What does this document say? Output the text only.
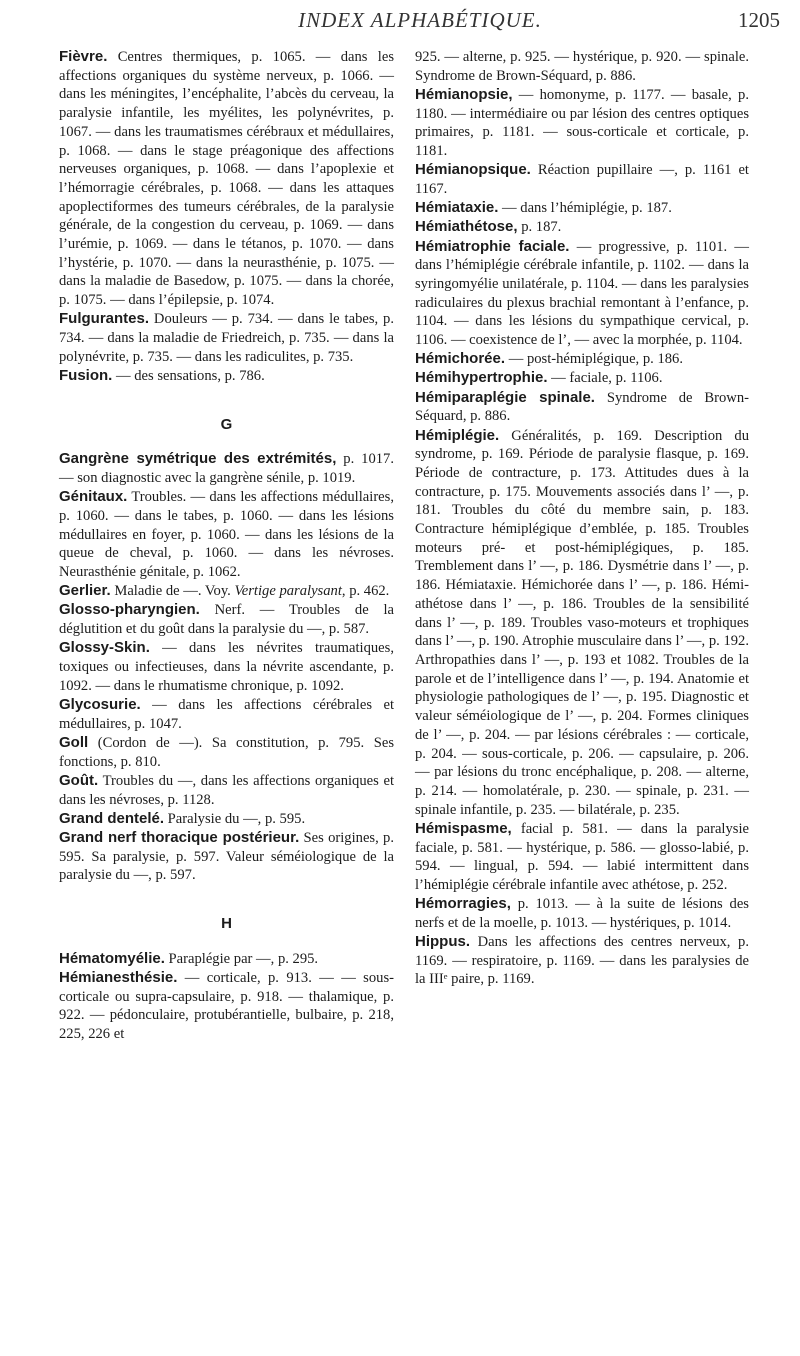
INDEX ALPHABÉTIQUE.	1205

Fièvre. Centres thermiques, p. 1065. — dans les affections organiques du système nerveux, p. 1066. — dans les méningites, l’encéphalite, l’abcès du cerveau, la paralysie infantile, les myélites, les polynévrites, p. 1067. — dans les traumatismes cérébraux et médullaires, p. 1068. — dans le stage préagonique des affections nerveuses organiques, p. 1068. — dans l’apoplexie et l’hémorragie cérébrales, p. 1068. — dans les attaques apoplectiformes des tumeurs cérébrales, de la paralysie générale, de la congestion du cerveau, p. 1069. — dans l’urémie, p. 1069. — dans le tétanos, p. 1070. — dans l’hystérie, p. 1070. — dans la neurasthénie, p. 1075. — dans la maladie de Basedow, p. 1075. — dans la chorée, p. 1075. — dans l’épilepsie, p. 1074.

Fulgurantes. Douleurs — p. 734. — dans le tabes, p. 734. — dans la maladie de Friedreich, p. 735. — dans la polynévrite, p. 735. — dans les radiculites, p. 735.

Fusion. — des sensations, p. 786.

G

Gangrène symétrique des extrémités, p. 1017. — son diagnostic avec la gangrène sénile, p. 1019.

Génitaux. Troubles. — dans les affections médullaires, p. 1060. — dans le tabes, p. 1060. — dans les lésions médullaires en foyer, p. 1060. — dans les lésions de la queue de cheval, p. 1060. — dans les névroses. Neurasthénie génitale, p. 1062.

Gerlier. Maladie de —. Voy. Vertige paralysant, p. 462.

Glosso-pharyngien. Nerf. — Troubles de la déglutition et du goût dans la paralysie du —, p. 587.

Glossy-Skin. — dans les névrites traumatiques, toxiques ou infectieuses, dans la névrite ascendante, p. 1092. — dans le rhumatisme chronique, p. 1092.

Glycosurie. — dans les affections cérébrales et médullaires, p. 1047.

Goll (Cordon de —). Sa constitution, p. 795. Ses fonctions, p. 810.

Goût. Troubles du —, dans les affections organiques et dans les névroses, p. 1128.

Grand dentelé. Paralysie du —, p. 595.

Grand nerf thoracique postérieur. Ses origines, p. 595. Sa paralysie, p. 597. Valeur séméiologique de la paralysie du —, p. 597.

H

Hématomyélie. Paraplégie par —, p. 295.

Hémianesthésie. — corticale, p. 913. — — sous-corticale ou supra-capsulaire, p. 918. — thalamique, p. 922. — pédonculaire, protubérantielle, bulbaire, p. 218, 225, 226 et

925. — alterne, p. 925. — hystérique, p. 920. — spinale. Syndrome de Brown-Séquard, p. 886.

Hémianopsie, — homonyme, p. 1177. — basale, p. 1180. — intermédiaire ou par lésion des centres optiques primaires, p. 1181. — sous-corticale et corticale, p. 1181.

Hémianopsique. Réaction pupillaire —, p. 1161 et 1167.

Hémiataxie. — dans l’hémiplégie, p. 187.

Hémiathétose, p. 187.

Hémiatrophie faciale. — progressive, p. 1101. — dans l’hémiplégie cérébrale infantile, p. 1102. — dans la syringomyélie unilatérale, p. 1104. — dans les paralysies radiculaires du plexus brachial remontant à l’enfance, p. 1104. — dans les lésions du sympathique cervical, p. 1106. — coexistence de l’, — avec la morphée, p. 1104.

Hémichorée. — post-hémiplégique, p. 186.

Hémihypertrophie. — faciale, p. 1106.

Hémiparaplégie spinale. Syndrome de Brown-Séquard, p. 886.

Hémiplégie. Généralités, p. 169. Description du syndrome, p. 169. Période de paralysie flasque, p. 169. Période de contracture, p. 173. Attitudes dues à la contracture, p. 175. Mouvements associés dans l’ —, p. 181. Troubles du côté du membre sain, p. 183. Contracture hémiplégique d’emblée, p. 185. Troubles moteurs pré- et post-hémiplégiques, p. 185. Tremblement dans l’ —, p. 186. Dysmétrie dans l’ —, p. 186. Hémiataxie. Hémichorée dans l’ —, p. 186. Hémi-athétose dans l’ —, p. 186. Troubles de la sensibilité dans l’ —, p. 189. Troubles vaso-moteurs et trophiques dans l’ —, p. 190. Atrophie musculaire dans l’ —, p. 192. Arthropathies dans l’ —, p. 193 et 1082. Troubles de la parole et de l’intelligence dans l’ —, p. 194. Anatomie et physiologie pathologiques de l’ —, p. 195. Diagnostic et valeur séméiologique de l’ —, p. 204. Formes cliniques de l’ —, p. 204. — par lésions cérébrales : — corticale, p. 204. — sous-corticale, p. 206. — capsulaire, p. 206. — par lésions du tronc encéphalique, p. 208. — alterne, p. 214. — homolatérale, p. 230. — spinale, p. 231. — spinale infantile, p. 235. — bilatérale, p. 235.

Hémispasme, facial p. 581. — dans la paralysie faciale, p. 581. — hystérique, p. 586. — glosso-labié, p. 594. — lingual, p. 594. — labié intermittent dans l’hémiplégie cérébrale infantile avec athétose, p. 252.

Hémorragies, p. 1013. — à la suite de lésions des nerfs et de la moelle, p. 1013. — hystériques, p. 1014.

Hippus. Dans les affections des centres nerveux, p. 1169. — respiratoire, p. 1169. — dans les paralysies de la IIIᵉ paire, p. 1169.
